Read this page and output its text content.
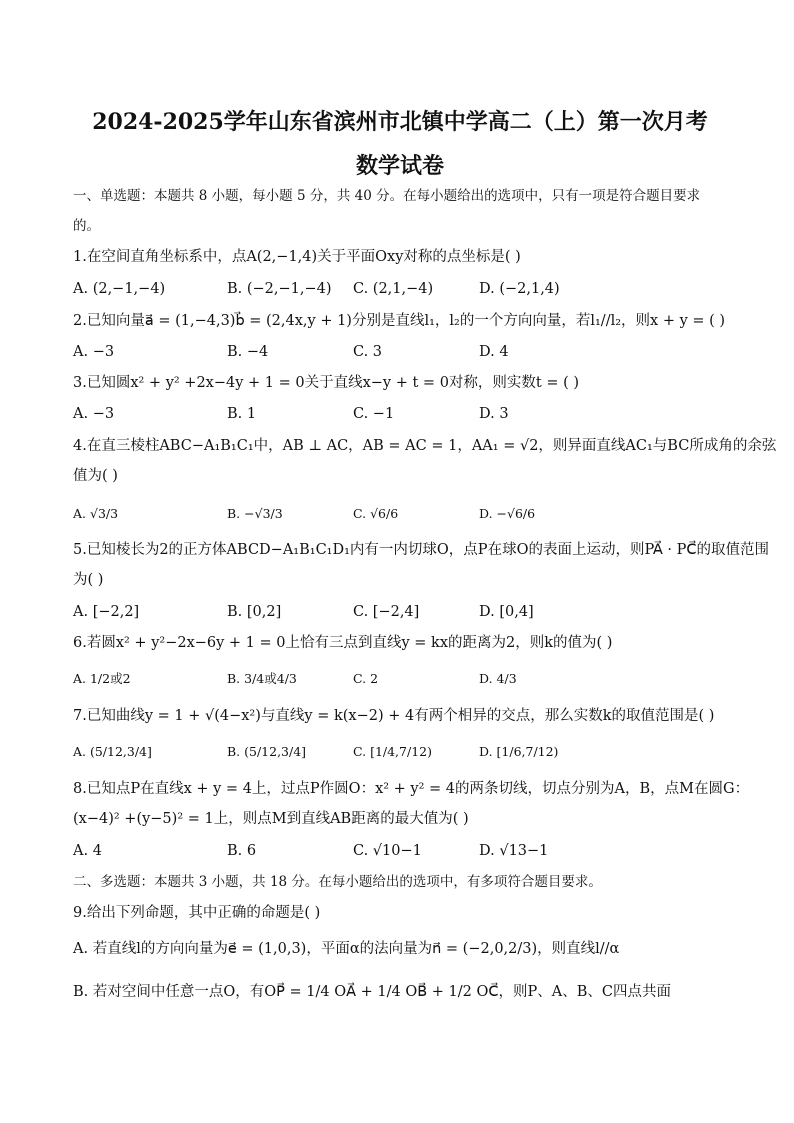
2024-2025学年山东省滨州市北镇中学高二（上）第一次月考数学试卷
一、单选题：本题共 8 小题，每小题 5 分，共 40 分。在每小题给出的选项中，只有一项是符合题目要求
的。
1.在空间直角坐标系中，点A(2,−1,4)关于平面Oxy对称的点坐标是( )
A. (2,−1,−4)	B. (−2,−1,−4) C. (2,1,−4)	D. (−2,1,4)
2.已知向量a⃗ = (1,−4,3)b⃗ = (2,4x,y + 1)分别是直线l₁，l₂的一个方向向量，若l₁//l₂，则x + y = ( )
A. −3	B. −4	C. 3	D. 4
3.已知圆x² + y² +2x−4y + 1 = 0关于直线x−y + t = 0对称，则实数t = ( )
A. −3	B. 1	C. −1	D. 3
4.在直三棱柱ABC−A₁B₁C₁中，AB ⊥ AC，AB = AC = 1，AA₁ = √2，则异面直线AC₁与BC所成角的余弦
值为( )
A. √3/3	B. −√3/3	C. √6/6	D. −√6/6
5.已知棱长为2的正方体ABCD−A₁B₁C₁D₁内有一内切球O，点P在球O的表面上运动，则PA⃗ · PC⃗的取值范围
为( )
A. [−2,2]	B. [0,2]	C. [−2,4]	D. [0,4]
6.若圆x² + y²−2x−6y + 1 = 0上恰有三点到直线y = kx的距离为2，则k的值为( )
A. 1/2或2	B. 3/4或4/3	C. 2	D. 4/3
7.已知曲线y = 1 + √(4−x²)与直线y = k(x−2) + 4有两个相异的交点，那么实数k的取值范围是( )
A. (5/12,3/4]	B. (5/12,3/4]	C. [1/4,7/12)	D. [1/6,7/12)
8.已知点P在直线x + y = 4上，过点P作圆O：x² + y² = 4的两条切线，切点分别为A，B，点M在圆G：
(x−4)² +(y−5)² = 1上，则点M到直线AB距离的最大值为( )
A. 4	B. 6	C. √10−1	D. √13−1
二、多选题：本题共 3 小题，共 18 分。在每小题给出的选项中，有多项符合题目要求。
9.给出下列命题，其中正确的命题是( )
A. 若直线l的方向向量为e⃗ = (1,0,3)，平面α的法向量为n⃗ = (−2,0,2/3)，则直线l//α
B. 若对空间中任意一点O，有OP⃗ = 1/4 OA⃗ + 1/4 OB⃗ + 1/2 OC⃗，则P、A、B、C四点共面
